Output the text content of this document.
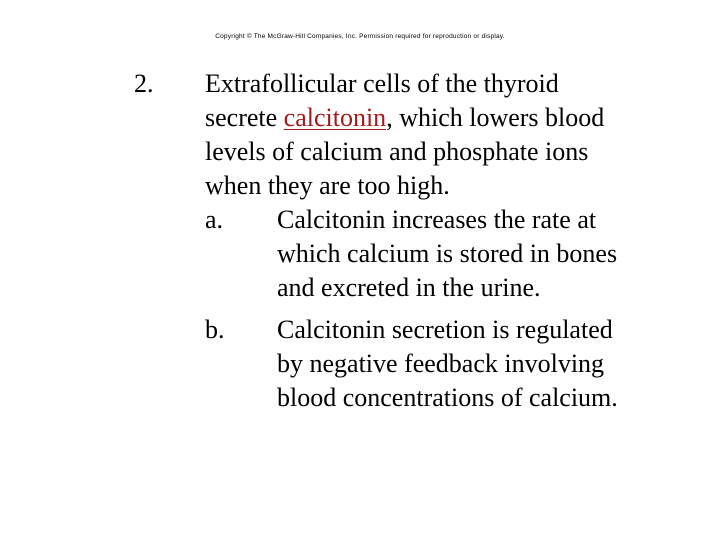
Copyright © The McGraw-Hill Companies, Inc. Permission required for reproduction or display.
2. Extrafollicular cells of the thyroid
secrete calcitonin, which lowers blood
levels of calcium and phosphate ions
when they are too high.
a. Calcitonin increases the rate at
which calcium is stored in bones
and excreted in the urine.
b. Calcitonin secretion is regulated
by negative feedback involving
blood concentrations of calcium.
